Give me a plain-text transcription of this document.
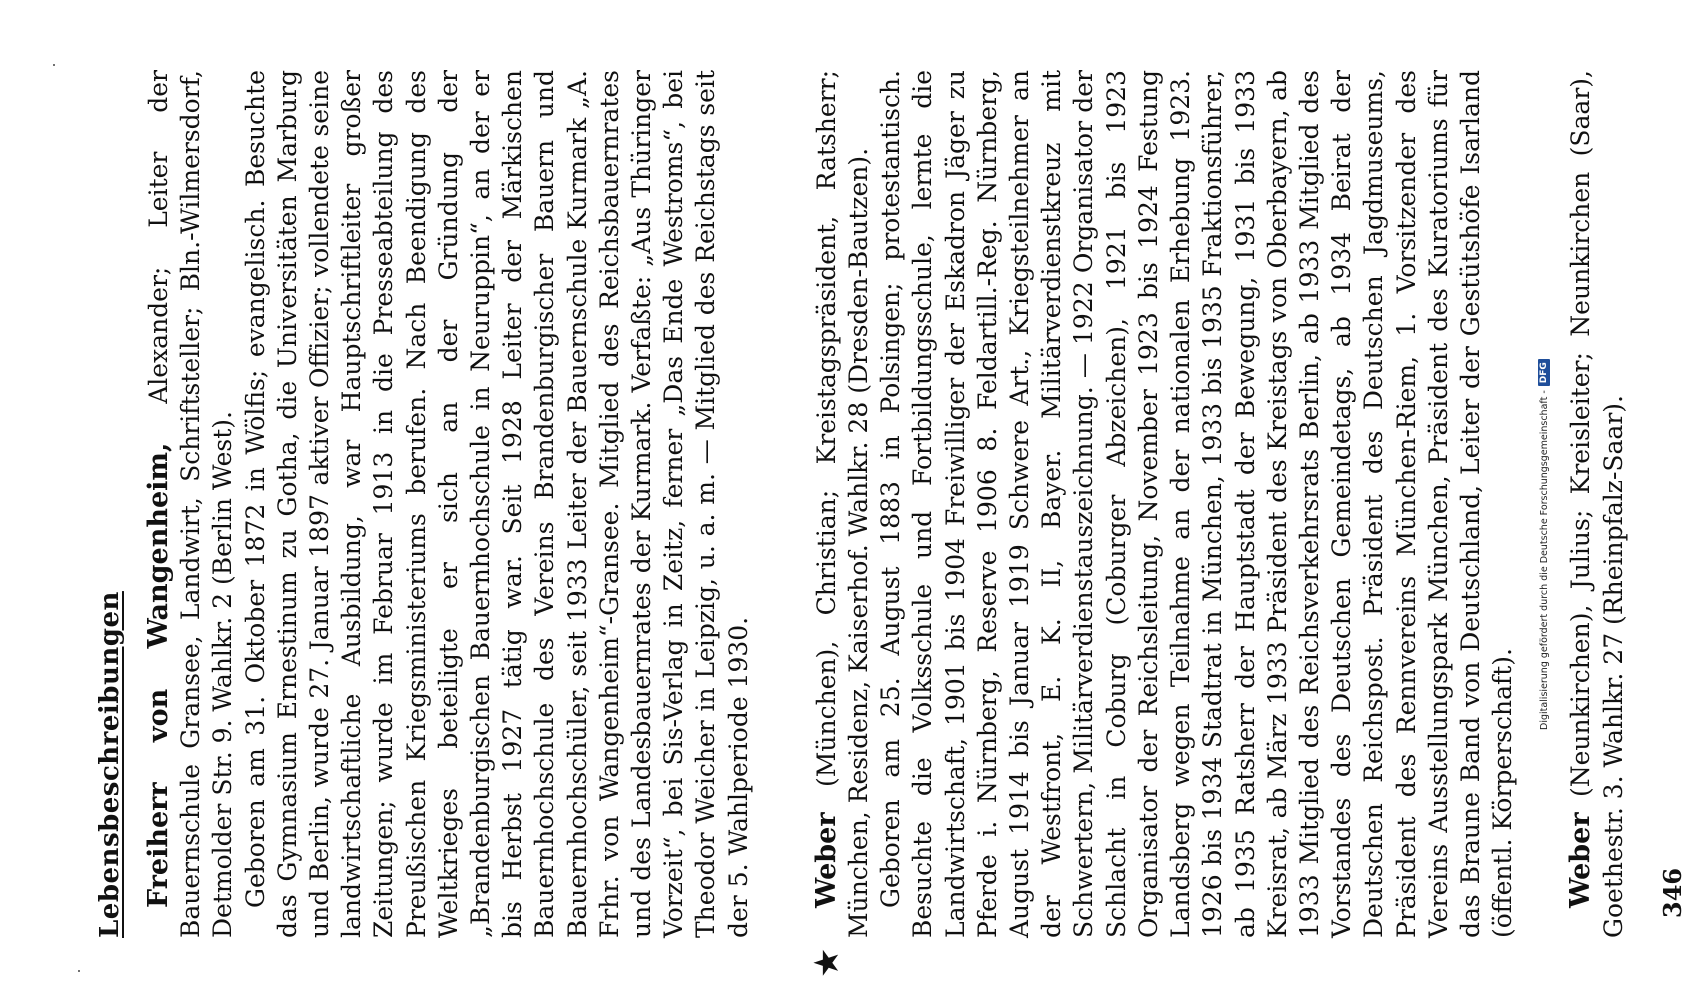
Lebensbeschreibungen Freiherr von Wangenheim, Alexander; Leiter der Bauernschule Gransee, Landwirt, Schriftsteller; Bln.-Wilmersdorf, Detmolder Str. 9. Wahlkr. 2 (Berlin West). Geboren am 31. Oktober 1872 in Wölfis; evangelisch. Besuchte das Gymnasium Ernestinum zu Gotha, die Universitäten Marburg und Berlin, wurde 27. Januar 1897 aktiver Offizier; vollendete seine landwirtschaftliche Ausbildung, war Hauptschriftleiter großer Zeitungen; wurde im Februar 1913 in die Presseabteilung des Preußischen Kriegsministeriums berufen. Nach Beendigung des Weltkrieges beteiligte er sich an der Gründung der „Brandenburgischen Bauernhochschule in Neuruppin“, an der er bis Herbst 1927 tätig war. Seit 1928 Leiter der Märkischen Bauernhochschule des Vereins Brandenburgischer Bauern und Bauernhochschüler, seit 1933 Leiter der Bauernschule Kurmark „A. Frhr. von Wangenheim“-Gransee. Mitglied des Reichsbauernrates und des Landesbauernrates der Kurmark. Verfaßte: „Aus Thüringer Vorzeit“, bei Sis-Verlag in Zeitz, ferner „Das Ende Westroms“, bei Theodor Weicher in Leipzig, u. a. m. — Mitglied des Reichstags seit der 5. Wahlperiode 1930.

★

Weber (München), Christian; Kreistagspräsident, Ratsherr; München, Residenz, Kaiserhof. Wahlkr. 28 (Dresden-Bautzen). Geboren am 25. August 1883 in Polsingen; protestantisch. Besuchte die Volksschule und Fortbildungsschule, lernte die Landwirtschaft, 1901 bis 1904 Freiwilliger der Eskadron Jäger zu Pferde i. Nürnberg, Reserve 1906 8. Feldartill.-Reg. Nürnberg, August 1914 bis Januar 1919 Schwere Art., Kriegsteilnehmer an der Westfront, E. K. II, Bayer. Militärverdienstkreuz mit Schwertern, Militärverdienstauszeichnung. — 1922 Organisator der Schlacht in Coburg (Coburger Abzeichen), 1921 bis 1923 Organisator der Reichsleitung, November 1923 bis 1924 Festung Landsberg wegen Teilnahme an der nationalen Erhebung 1923. 1926 bis 1934 Stadtrat in München, 1933 bis 1935 Fraktionsführer, ab 1935 Ratsherr der Hauptstadt der Bewegung, 1931 bis 1933 Kreisrat, ab März 1933 Präsident des Kreistags von Oberbayern, ab 1933 Mitglied des Reichsverkehrsrats Berlin, ab 1933 Mitglied des Vorstandes des Deutschen Gemeindetags, ab 1934 Beirat der Deutschen Reichspost. Präsident des Deutschen Jagdmuseums, Präsident des Rennvereins München-Riem, 1. Vorsitzender des Vereins Ausstellungspark München, Präsident des Kuratoriums für das Braune Band von Deutschland, Leiter der Gestütshöfe Isarland (öffentl. Körperschaft). Weber (Neunkirchen), Julius; Kreisleiter; Neunkirchen (Saar), Goethestr. 3. Wahlkr. 27 (Rheinpfalz-Saar). 346
Digitalisierung gefördert durch die Deutsche Forschungsgemeinschaft -
DFG
